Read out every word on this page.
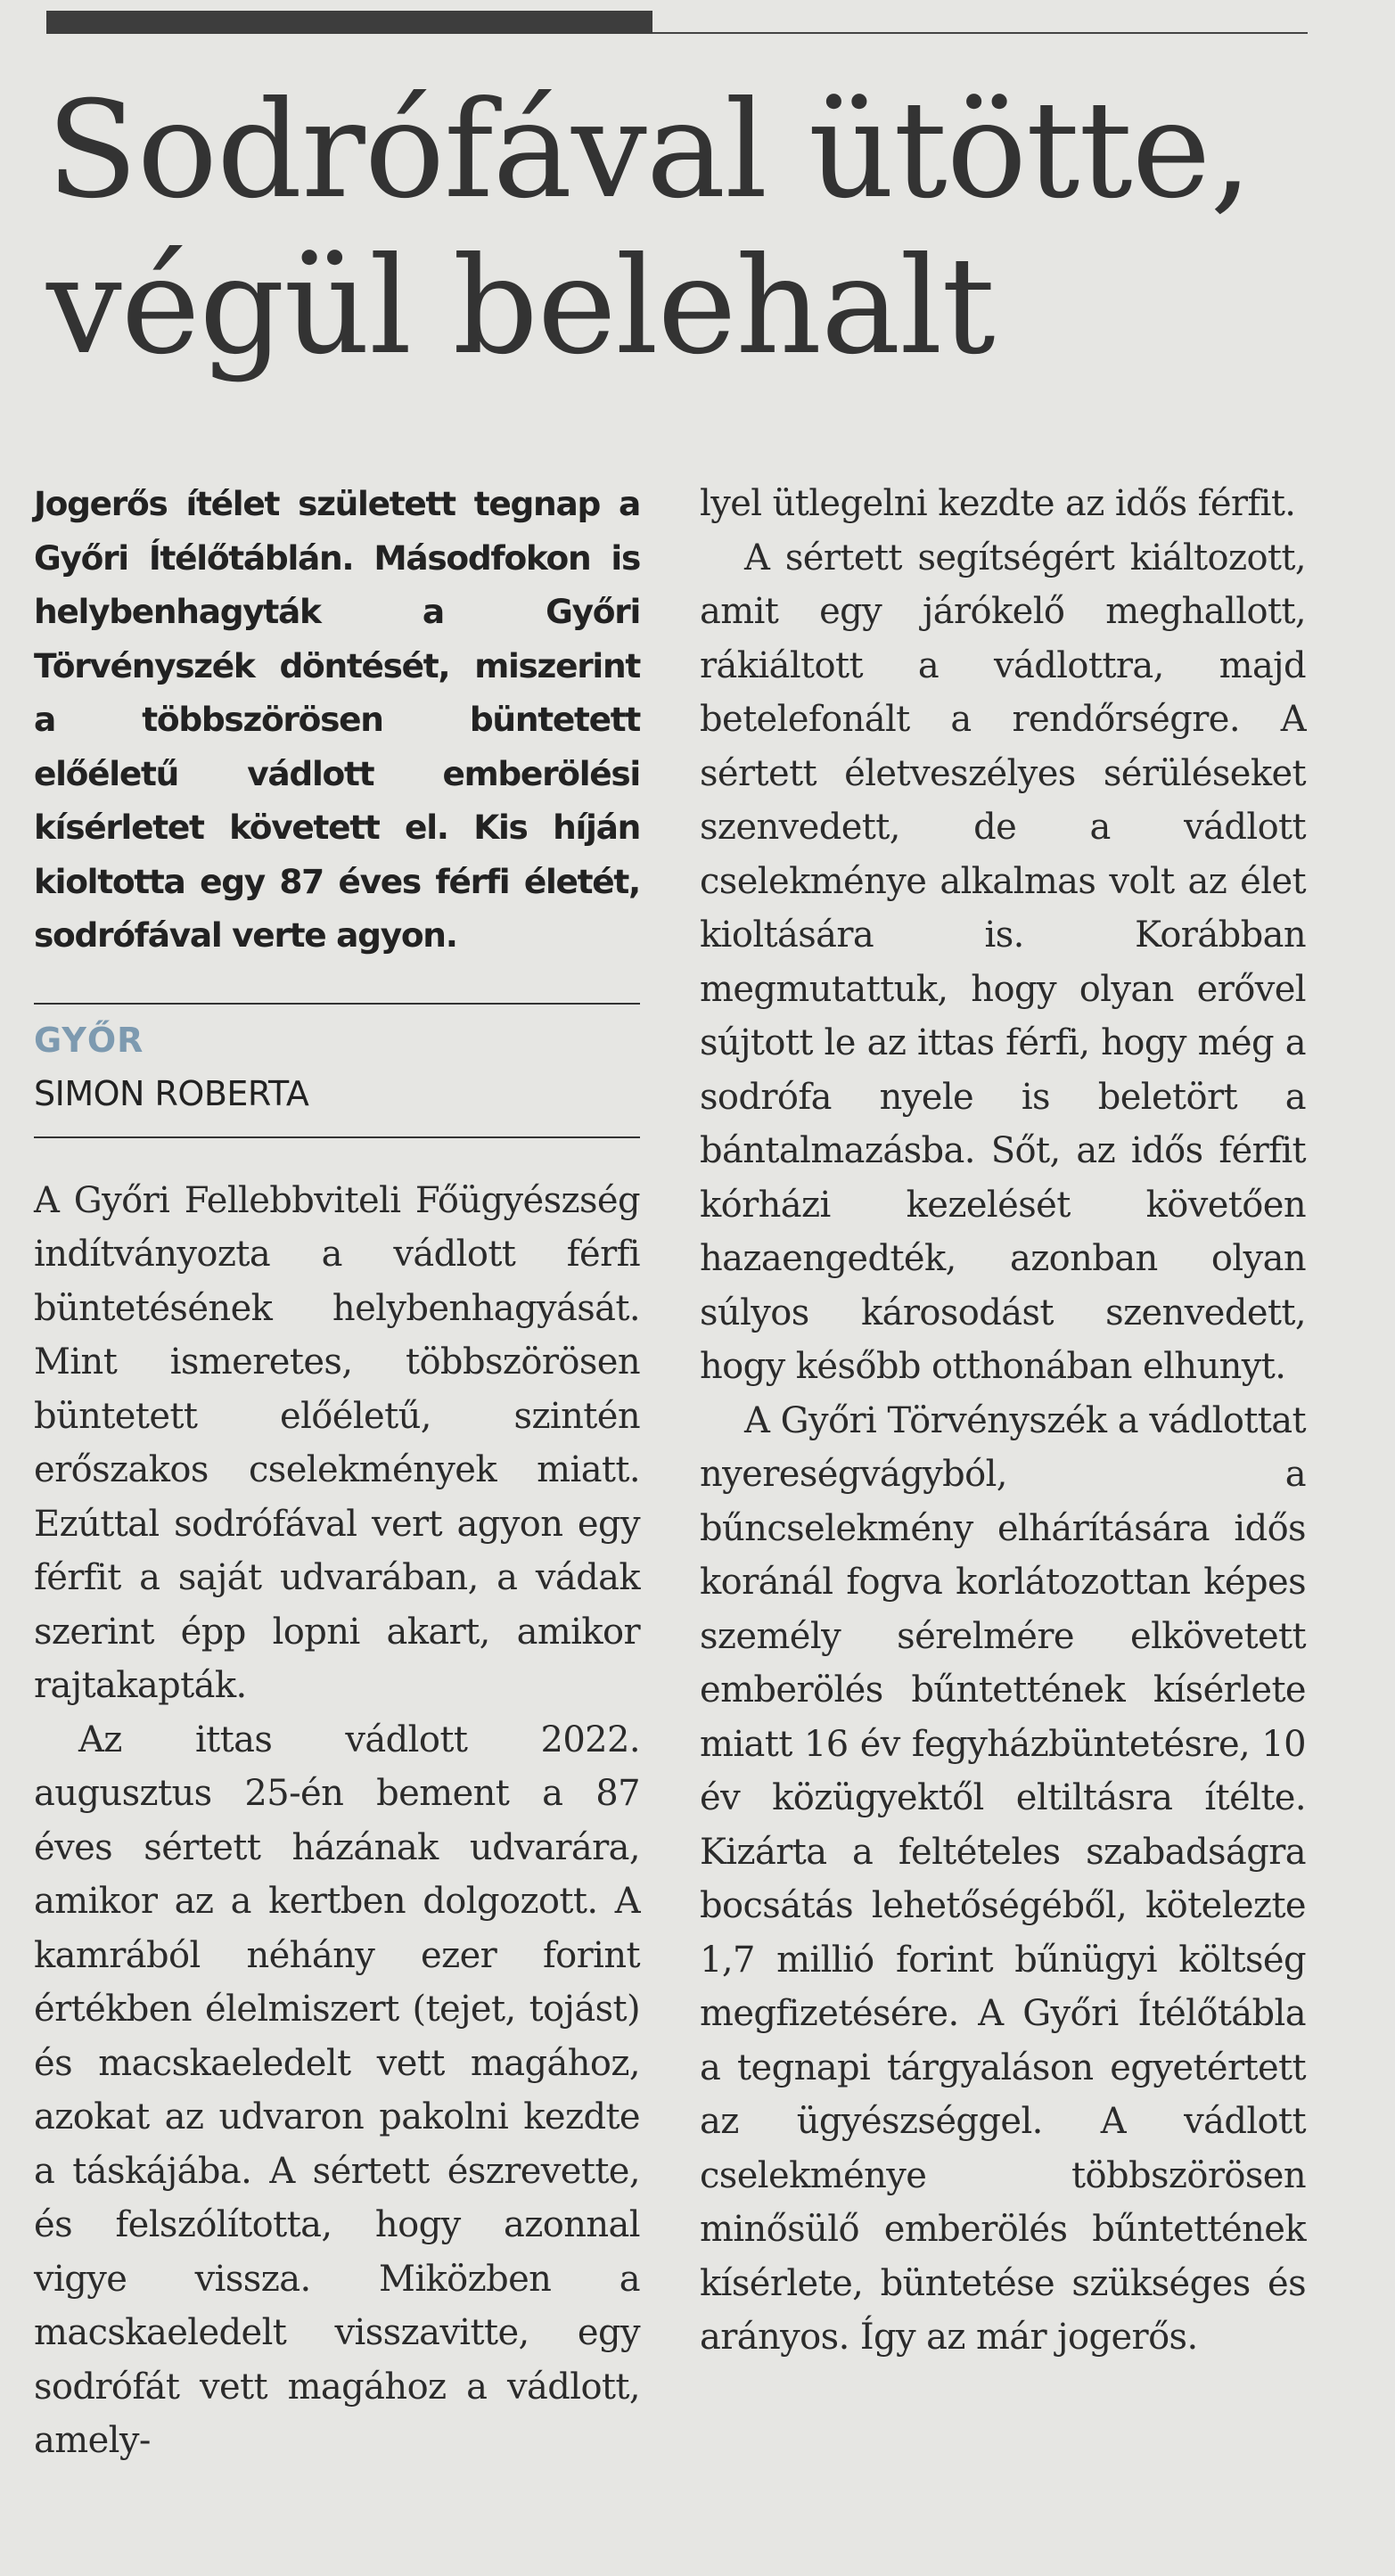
Sodrófával ütötte, végül belehalt

Jogerős ítélet született tegnap a Győri Ítélőtáblán. Másodfokon is helybenhagyták a Győri Törvényszék döntését, miszerint a többszörösen büntetett előéletű vádlott emberölési kísérletet követett el. Kis híján kioltotta egy 87 éves férfi életét, sodrófával verte agyon.

GYŐR
SIMON ROBERTA

A Győri Fellebbviteli Főügyészség indítványozta a vádlott férfi büntetésének helybenhagyását. Mint ismeretes, többszörösen büntetett előéletű, szintén erőszakos cselekmények miatt. Ezúttal sodrófával vert agyon egy férfit a saját udvarában, a vádak szerint épp lopni akart, amikor rajtakapták.

Az ittas vádlott 2022. augusztus 25-én bement a 87 éves sértett házának udvarára, amikor az a kertben dolgozott. A kamrából néhány ezer forint értékben élelmiszert (tejet, tojást) és macskaeledelt vett magához, azokat az udvaron pakolni kezdte a táskájába. A sértett észrevette, és felszólította, hogy azonnal vigye vissza. Miközben a macskaeledelt visszavitte, egy sodrófát vett magához a vádlott, amely-

lyel ütlegelni kezdte az idős férfit.

A sértett segítségért kiáltozott, amit egy járókelő meghallott, rákiáltott a vádlottra, majd betelefonált a rendőrségre. A sértett életveszélyes sérüléseket szenvedett, de a vádlott cselekménye alkalmas volt az élet kioltására is. Korábban megmutattuk, hogy olyan erővel sújtott le az ittas férfi, hogy még a sodrófa nyele is beletört a bántalmazásba. Sőt, az idős férfit kórházi kezelését követően hazaengedték, azonban olyan súlyos károsodást szenvedett, hogy később otthonában elhunyt.

A Győri Törvényszék a vádlottat nyereségvágyból, a bűncselekmény elhárítására idős koránál fogva korlátozottan képes személy sérelmére elkövetett emberölés bűntettének kísérlete miatt 16 év fegyházbüntetésre, 10 év közügyektől eltiltásra ítélte. Kizárta a feltételes szabadságra bocsátás lehetőségéből, kötelezte 1,7 millió forint bűnügyi költség megfizetésére. A Győri Ítélőtábla a tegnapi tárgyaláson egyetértett az ügyészséggel. A vádlott cselekménye többszörösen minősülő emberölés bűntettének kísérlete, büntetése szükséges és arányos. Így az már jogerős.
